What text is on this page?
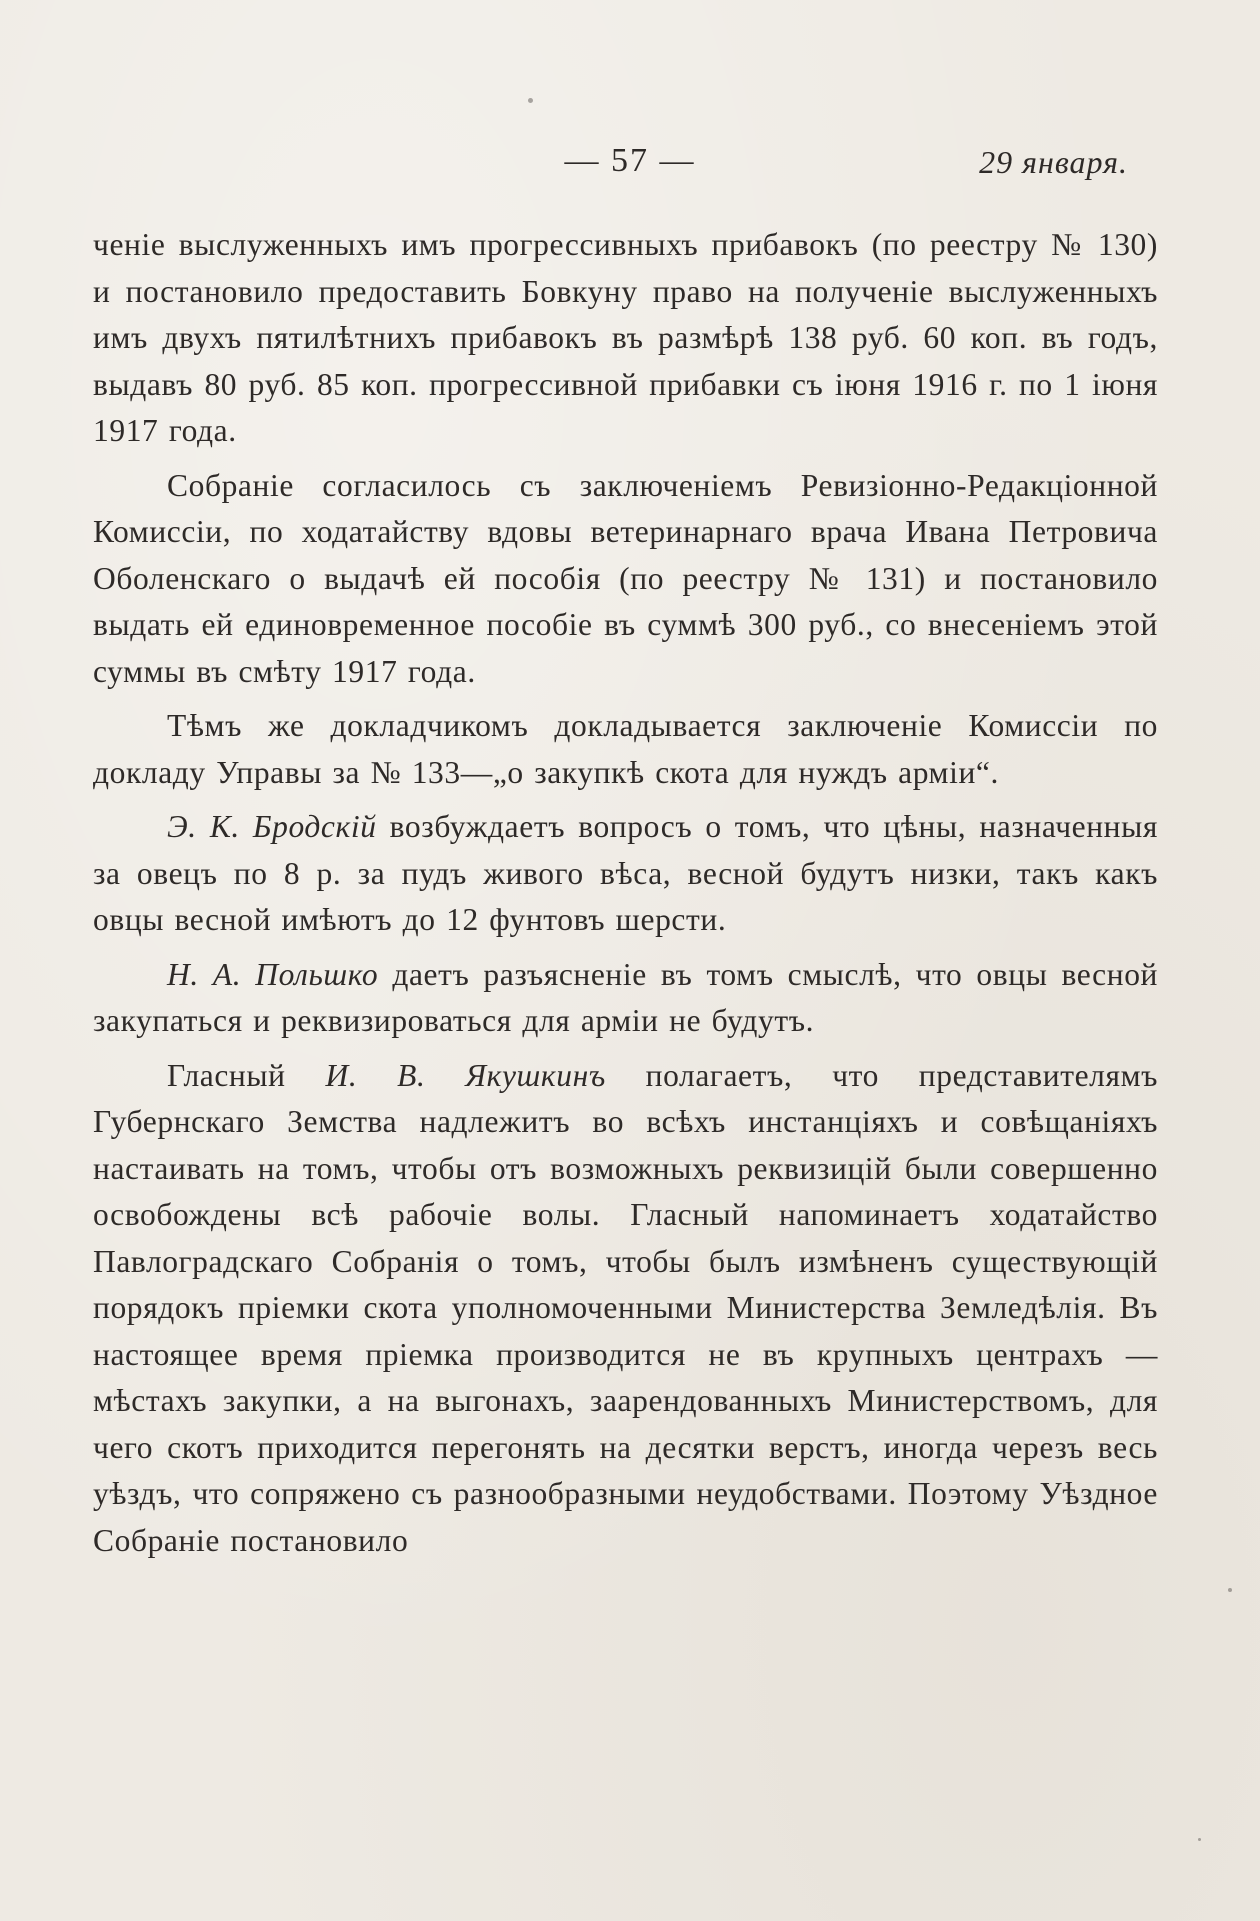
— 57 —	29 января.

ченіе выслуженныхъ имъ прогрессивныхъ прибавокъ (по реестру № 130) и постановило предоставить Бовкуну право на полученіе выслуженныхъ имъ двухъ пятилѣтнихъ прибавокъ въ размѣрѣ 138 руб. 60 коп. въ годъ, выдавъ 80 руб. 85 коп. прогрессивной прибавки съ іюня 1916 г. по 1 іюня 1917 года.

Собраніе согласилось съ заключеніемъ Ревизіонно-Редакціонной Комиссіи, по ходатайству вдовы ветеринарнаго врача Ивана Петровича Оболенскаго о выдачѣ ей пособія (по реестру № 131) и постановило выдать ей единовременное пособіе въ суммѣ 300 руб., со внесеніемъ этой суммы въ смѣту 1917 года.

Тѣмъ же докладчикомъ докладывается заключеніе Комиссіи по докладу Управы за № 133—„о закупкѣ скота для нуждъ арміи“.

Э. К. Бродскій возбуждаетъ вопросъ о томъ, что цѣны, назначенныя за овецъ по 8 р. за пудъ живого вѣса, весной будутъ низки, такъ какъ овцы весной имѣютъ до 12 фунтовъ шерсти.

Н. А. Польшко даетъ разъясненіе въ томъ смыслѣ, что овцы весной закупаться и реквизироваться для арміи не будутъ.

Гласный И. В. Якушкинъ полагаетъ, что представителямъ Губернскаго Земства надлежитъ во всѣхъ инстанціяхъ и совѣщаніяхъ настаивать на томъ, чтобы отъ возможныхъ реквизицій были совершенно освобождены всѣ рабочіе волы. Гласный напоминаетъ ходатайство Павлоградскаго Собранія о томъ, чтобы былъ измѣненъ существующій порядокъ пріемки скота уполномоченными Министерства Земледѣлія. Въ настоящее время пріемка производится не въ крупныхъ центрахъ — мѣстахъ закупки, а на выгонахъ, заарендованныхъ Министерствомъ, для чего скотъ приходится перегонять на десятки верстъ, иногда черезъ весь уѣздъ, что сопряжено съ разнообразными неудобствами. Поэтому Уѣздное Собраніе постановило
